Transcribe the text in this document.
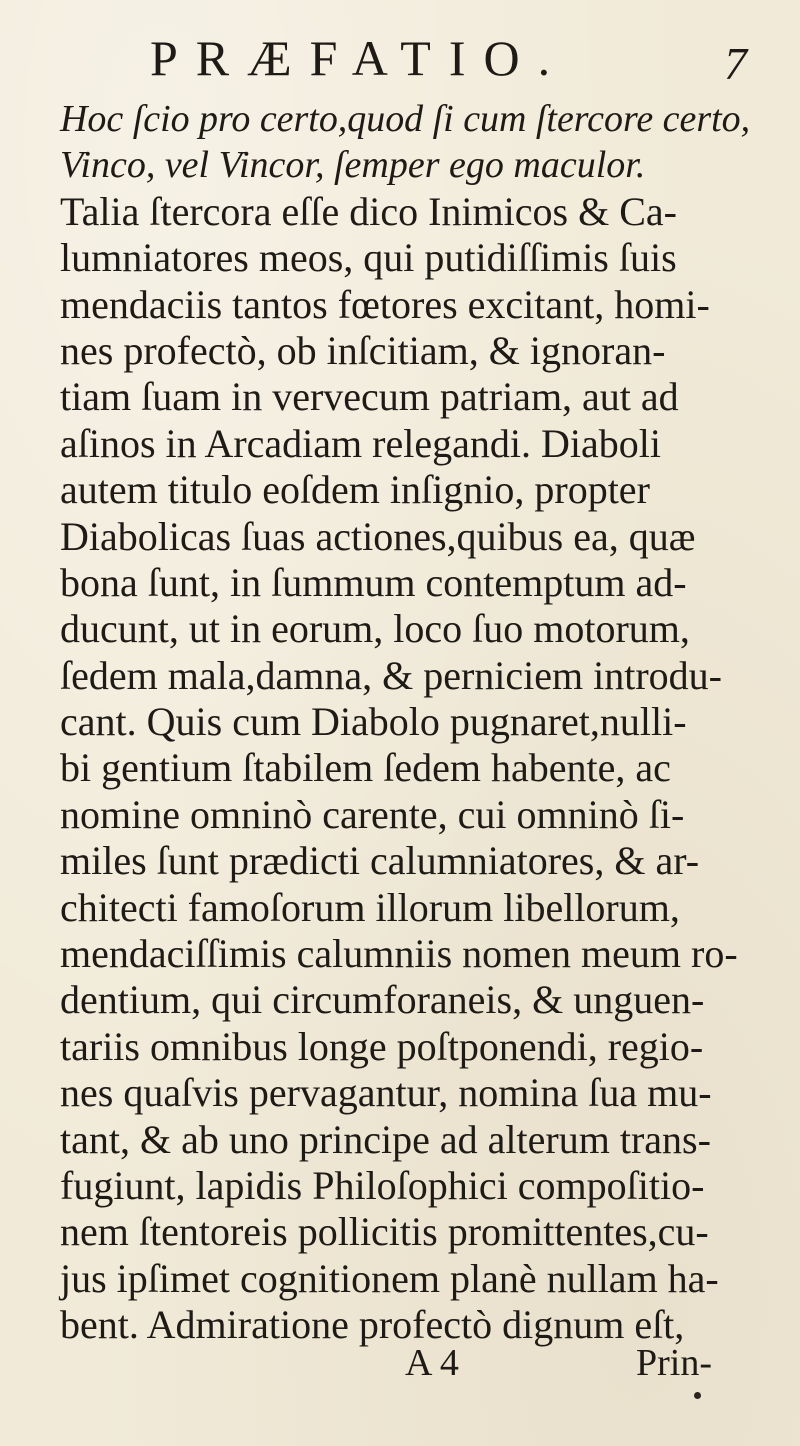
PRÆFATIO.	7
Hoc ſcio pro certo,quod ſi cum ſtercore certo,
Vinco, vel Vincor, ſemper ego maculor.
Talia ſtercora eſſe dico Inimicos & Ca-
lumniatores meos, qui putidiſſimis ſuis
mendaciis tantos fœtores excitant, homi-
nes profectò, ob inſcitiam, & ignoran-
tiam ſuam in vervecum patriam, aut ad
aſinos in Arcadiam relegandi. Diaboli
autem titulo eoſdem inſignio, propter
Diabolicas ſuas actiones,quibus ea, quæ
bona ſunt, in ſummum contemptum ad-
ducunt, ut in eorum, loco ſuo motorum,
ſedem mala,damna, & perniciem introdu-
cant. Quis cum Diabolo pugnaret,nulli-
bi gentium ſtabilem ſedem habente, ac
nomine omninò carente, cui omninò ſi-
miles ſunt prædicti calumniatores, & ar-
chitecti famoſorum illorum libellorum,
mendaciſſimis calumniis nomen meum ro-
dentium, qui circumforaneis, & unguen-
tariis omnibus longe poſtponendi, regio-
nes quaſvis pervagantur, nomina ſua mu-
tant, & ab uno principe ad alterum trans-
fugiunt, lapidis Philoſophici compoſitio-
nem ſtentoreis pollicitis promittentes,cu-
jus ipſimet cognitionem planè nullam ha-
bent. Admiratione profectò dignum eſt,
A 4	Prin-
